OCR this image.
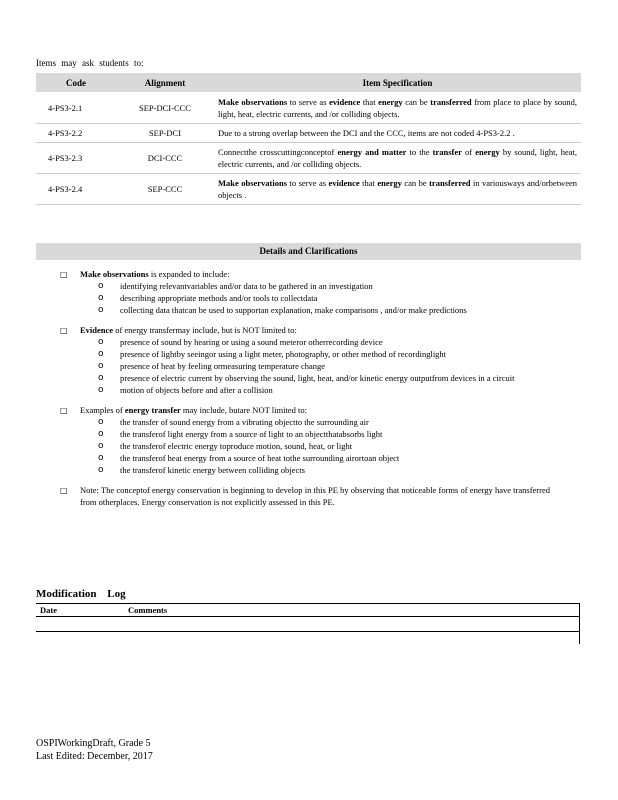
Items may ask students to:
Code	Alignment	Item Specification
4-PS3-2.1	SEP-DCI-CCC	Make observations to serve as evidence that energy can be transferred from place to place by sound, light, heat, electric currents, and /or colliding objects.
4-PS3-2.2	SEP-DCI	Due to a strong overlap between the DCI and the CCC, items are not coded 4-PS3-2.2 .
4-PS3-2.3	DCI-CCC	Connectthe crosscuttingconceptof energy and matter to the transfer of energy by sound, light, heat, electric currents, and /or colliding objects.
4-PS3-2.4	SEP-CCC	Make observations to serve as evidence that energy can be transferred in variousways and/orbetween objects .
Details and Clarifications
□ Make observations is expanded to include:
o identifying relevantvariables and/or data to be gathered in an investigation
o describing appropriate methods and/or tools to collectdata
o collecting data thatcan be used to supportan explanation, make comparisons , and/or make predictions
□ Evidence of energy transfermay include, but is NOT limited to:
o presence of sound by hearing or using a sound meteror otherrecording device
o presence of lightby seeingor using a light meter, photography, or other method of recordinglight
o presence of heat by feeling ormeasuring temperature change
o presence of electric current by observing the sound, light, heat, and/or kinetic energy outputfrom devices in a circuit
o motion of objects before and after a collision
□ Examples of energy transfer may include, butare NOT limited to:
o the transfer of sound energy from a vibrating objectto the surrounding air
o the transferof light energy from a source of light to an objectthatabsorbs light
o the transferof electric energy toproduce motion, sound, heat, or light
o the transferof heat energy from a source of heat tothe surrounding airortoan object
o the transferof kinetic energy between colliding objects
□ Note: The conceptof energy conservation is beginning to develop in this PE by observing that noticeable forms of energy have transferred from otherplaces. Energy conservation is not explicitly assessed in this PE.
Modification Log
Date	Comments
OSPIWorkingDraft, Grade 5
Last Edited: December, 2017
